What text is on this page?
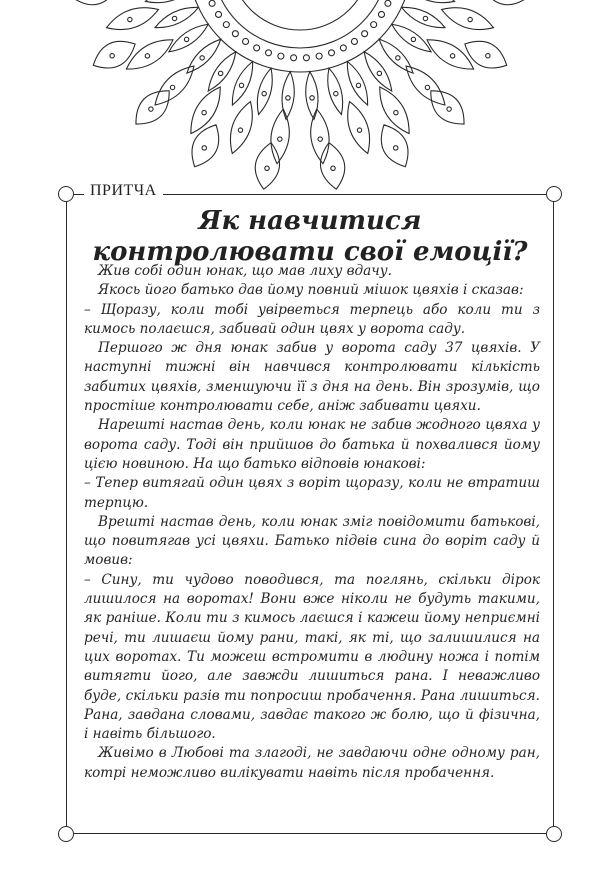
ПРИТЧА
Як навчитися
контролювати свої емоції?

Жив собі один юнак, що мав лиху вдачу.

Якось його батько дав йому повний мішок цвяхів і сказав:

– Щоразу, коли тобі увірветься терпець або коли ти з кимось полаєшся, забивай один цвях у ворота саду.

Першого ж дня юнак забив у ворота саду 37 цвяхів. У наступні тижні він навчився контролювати кількість забитих цвяхів, зменшуючи її з дня на день. Він зрозумів, що простіше контролювати себе, аніж забивати цвяхи.

Нарешті настав день, коли юнак не забив жодного цвяха у ворота саду. Тоді він прийшов до батька й похвалився йому цією новиною. На що батько відповів юнакові:

– Тепер витягай один цвях з воріт щоразу, коли не втратиш терпцю.

Врешті настав день, коли юнак зміг повідомити батькові, що повитягав усі цвяхи. Батько підвів сина до воріт саду й мовив:

– Сину, ти чудово поводився, та поглянь, скільки дірок лишилося на воротах! Вони вже ніколи не будуть такими, як раніше. Коли ти з кимось лаєшся і кажеш йому неприємні речі, ти лишаєш йому рани, такі, як ті, що залишилися на цих воротах. Ти можеш встромити в людину ножа і потім витягти його, але завжди лишиться рана. І неважливо буде, скільки разів ти попросиш пробачення. Рана лишиться. Рана, завдана словами, завдає такого ж болю, що й фізична, і навіть більшого.

Живімо в Любові та злагоді, не завдаючи одне одному ран, котрі неможливо вилікувати навіть після пробачення.
